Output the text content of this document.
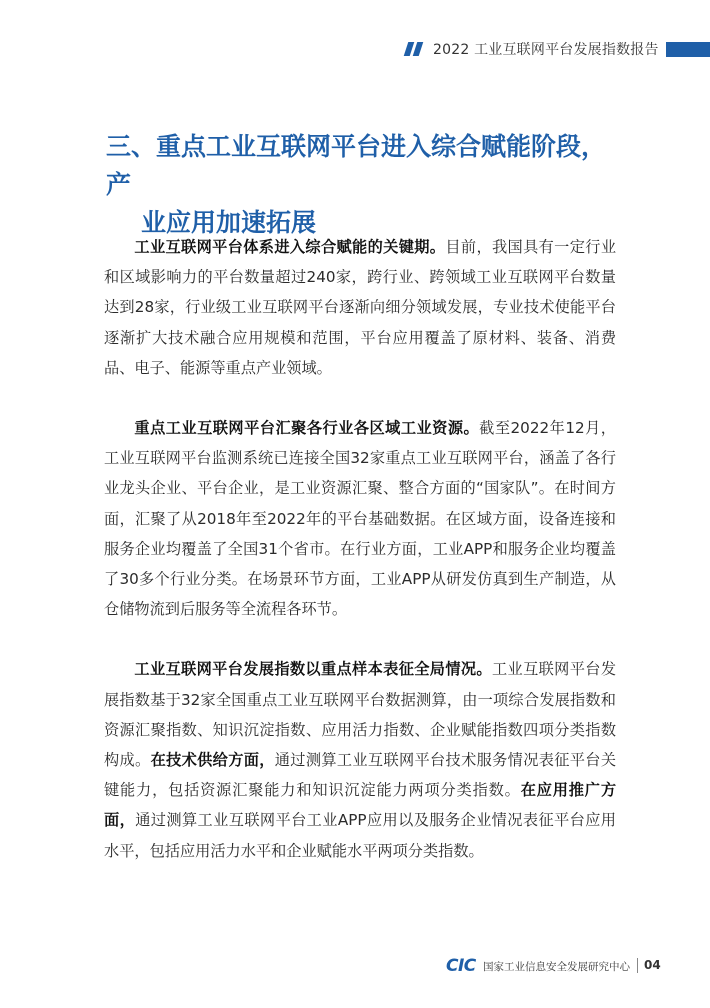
2022 工业互联网平台发展指数报告
三、重点工业互联网平台进入综合赋能阶段，产
业应用加速拓展

工业互联网平台体系进入综合赋能的关键期。目前，我国具有一定行业和区域影响力的平台数量超过240家，跨行业、跨领域工业互联网平台数量达到28家，行业级工业互联网平台逐渐向细分领域发展，专业技术使能平台逐渐扩大技术融合应用规模和范围，平台应用覆盖了原材料、装备、消费品、电子、能源等重点产业领域。

重点工业互联网平台汇聚各行业各区域工业资源。截至2022年12月，工业互联网平台监测系统已连接全国32家重点工业互联网平台，涵盖了各行业龙头企业、平台企业，是工业资源汇聚、整合方面的“国家队”。在时间方面，汇聚了从2018年至2022年的平台基础数据。在区域方面，设备连接和服务企业均覆盖了全国31个省市。在行业方面，工业APP和服务企业均覆盖了30多个行业分类。在场景环节方面，工业APP从研发仿真到生产制造，从仓储物流到后服务等全流程各环节。

工业互联网平台发展指数以重点样本表征全局情况。工业互联网平台发展指数基于32家全国重点工业互联网平台数据测算，由一项综合发展指数和资源汇聚指数、知识沉淀指数、应用活力指数、企业赋能指数四项分类指数构成。在技术供给方面，通过测算工业互联网平台技术服务情况表征平台关键能力，包括资源汇聚能力和知识沉淀能力两项分类指数。在应用推广方面，通过测算工业互联网平台工业APP应用以及服务企业情况表征平台应用水平，包括应用活力水平和企业赋能水平两项分类指数。

CIC 国家工业信息安全发展研究中心 04
